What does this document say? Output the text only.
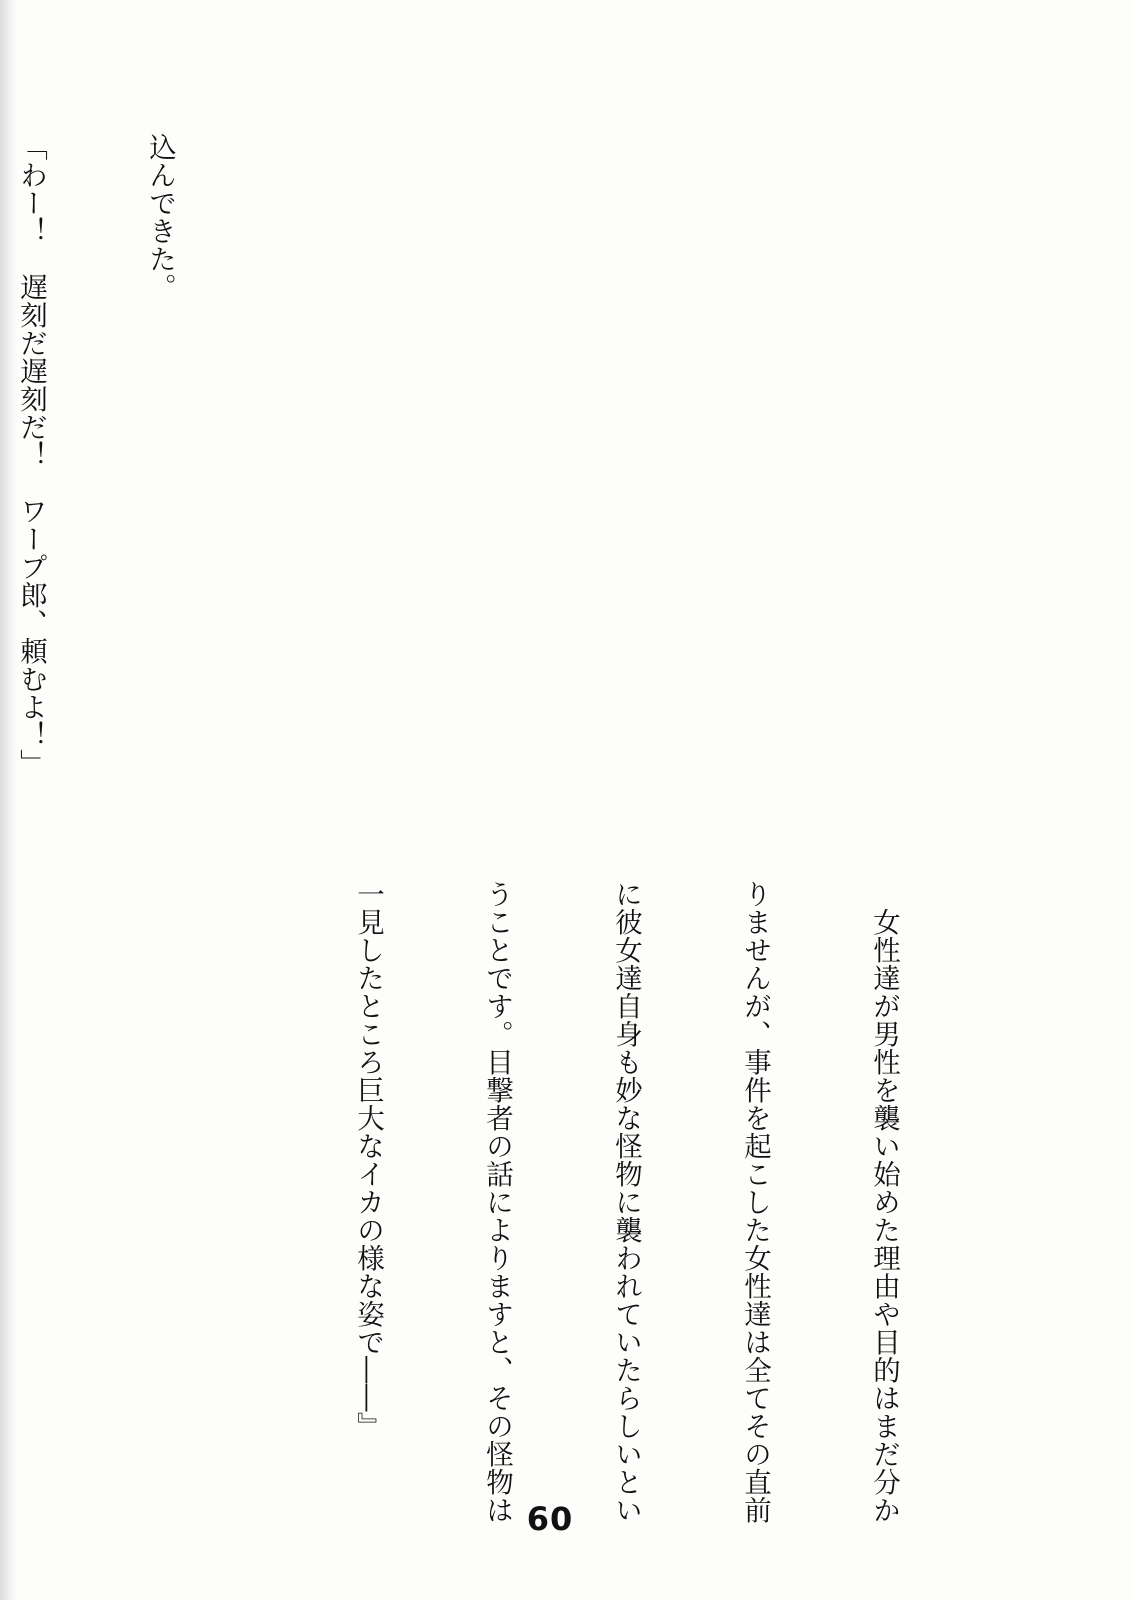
込んできた。

「わー！　遅刻だ遅刻だ！　ワープ郎、頼むよ！」

　女性達が男性を襲い始めた理由や目的はまだ分か

りませんが、事件を起こした女性達は全てその直前

に彼女達自身も妙な怪物に襲われていたらしいとい

うことです。目撃者の話によりますと、その怪物は

一見したところ巨大なイカの様な姿で――』

60
